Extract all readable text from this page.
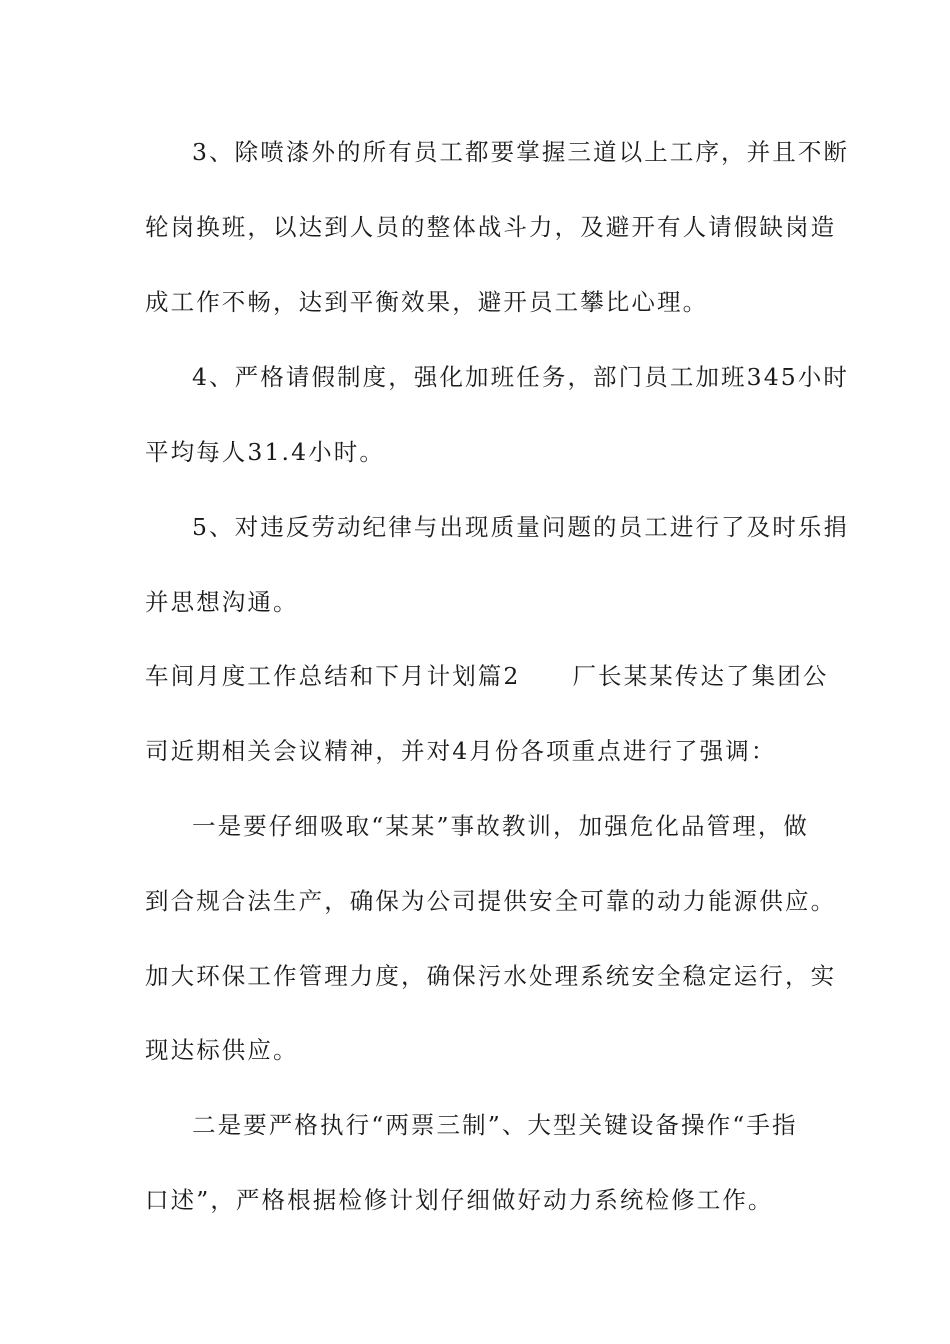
3、除喷漆外的所有员工都要掌握三道以上工序，并且不断
轮岗换班，以达到人员的整体战斗力，及避开有人请假缺岗造
成工作不畅，达到平衡效果，避开员工攀比心理。
4、严格请假制度，强化加班任务，部门员工加班345小时
平均每人31.4小时。
5、对违反劳动纪律与出现质量问题的员工进行了及时乐捐
并思想沟通。
车间月度工作总结和下月计划篇2 厂长某某传达了集团公
司近期相关会议精神，并对4月份各项重点进行了强调：
一是要仔细吸取“某某”事故教训，加强危化品管理，做
到合规合法生产，确保为公司提供安全可靠的动力能源供应。
加大环保工作管理力度，确保污水处理系统安全稳定运行，实
现达标供应。
二是要严格执行“两票三制”、大型关键设备操作“手指
口述”，严格根据检修计划仔细做好动力系统检修工作。
